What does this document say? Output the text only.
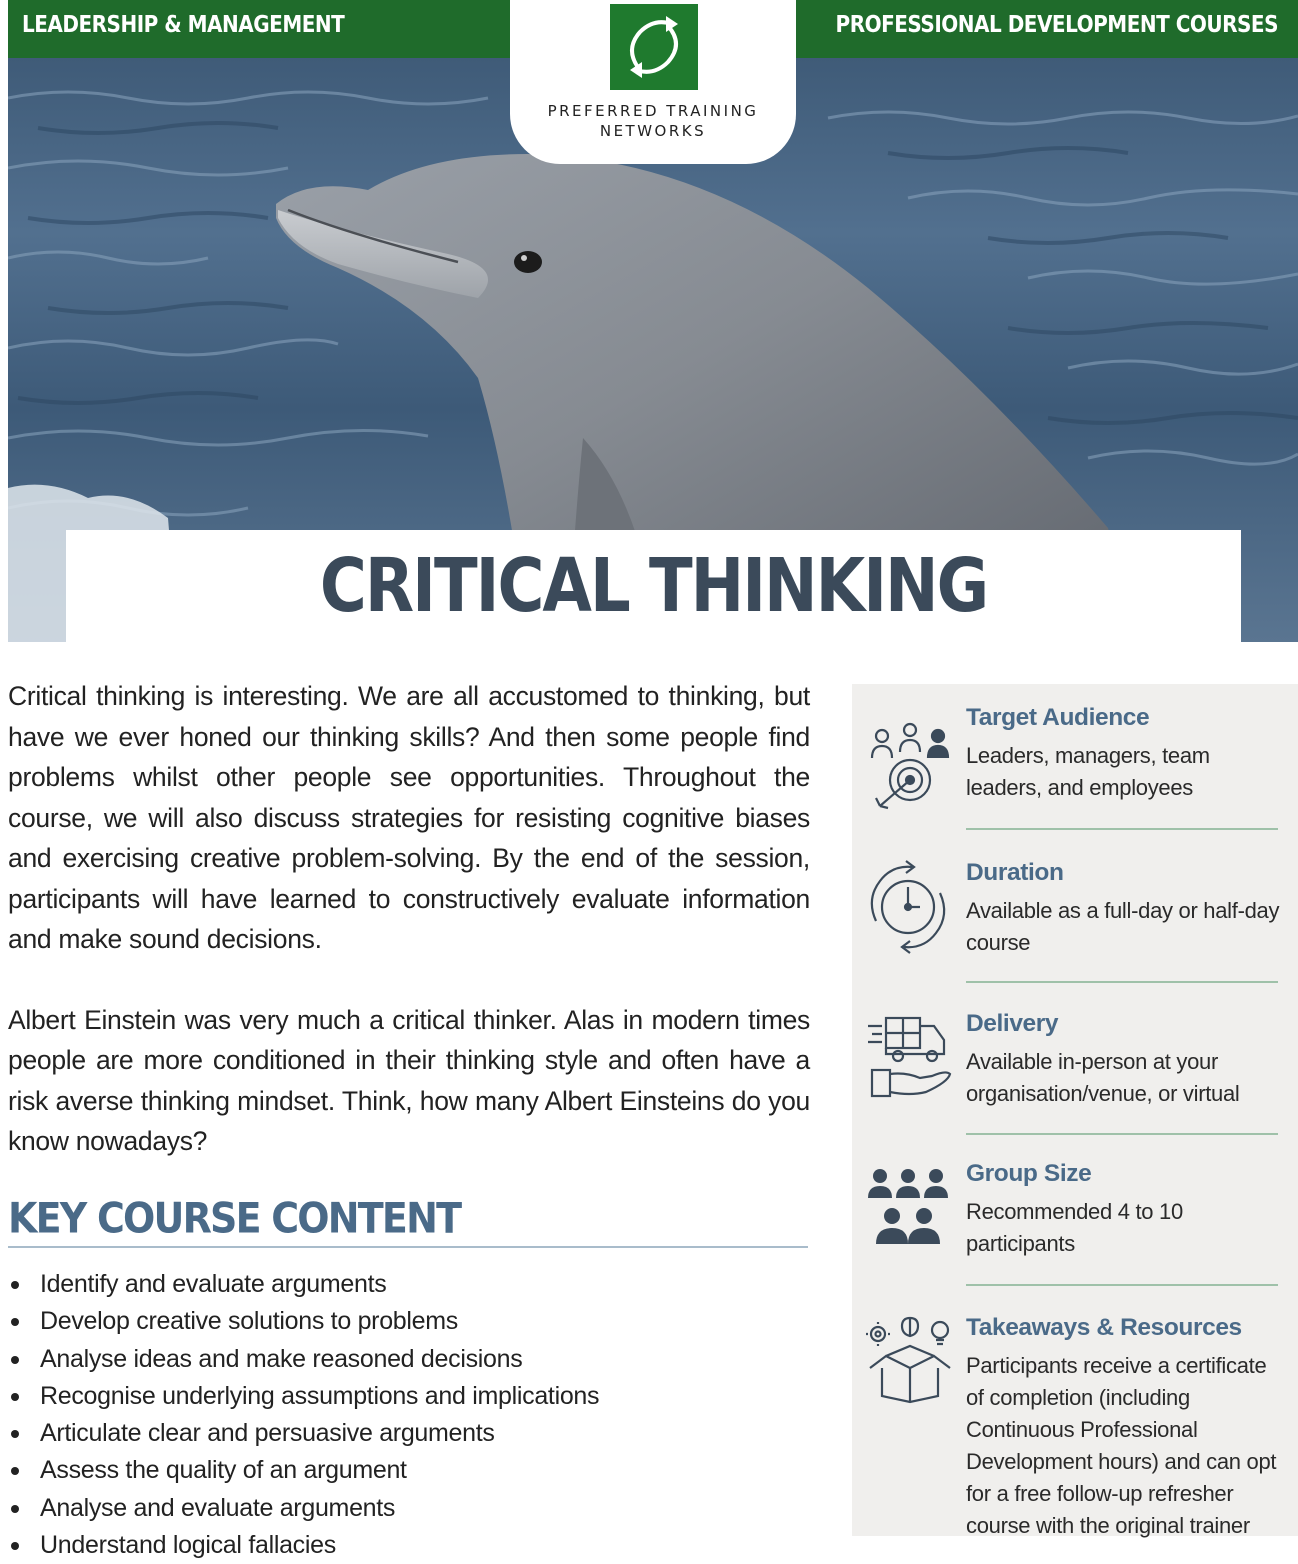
LEADERSHIP & MANAGEMENT	PROFESSIONAL DEVELOPMENT COURSES
PREFERRED TRAINING
NETWORKS
CRITICAL THINKING

Critical thinking is interesting. We are all accustomed to thinking, but have we ever honed our thinking skills? And then some people find problems whilst other people see opportunities. Throughout the course, we will also discuss strategies for resisting cognitive biases and exercising creative problem-solving. By the end of the session, participants will have learned to constructively evaluate information and make sound decisions.

Albert Einstein was very much a critical thinker. Alas in modern times people are more conditioned in their thinking style and often have a risk averse thinking mindset. Think, how many Albert Einsteins do you know nowadays?

KEY COURSE CONTENT
Identify and evaluate arguments
Develop creative solutions to problems
Analyse ideas and make reasoned decisions
Recognise underlying assumptions and implications
Articulate clear and persuasive arguments
Assess the quality of an argument
Analyse and evaluate arguments
Understand logical fallacies
Target Audience
Leaders, managers, team leaders, and employees
Duration
Available as a full-day or half-day course
Delivery
Available in-person at your organisation/venue, or virtual
Group Size
Recommended 4 to 10 participants
Takeaways & Resources
Participants receive a certificate of completion (including Continuous Professional Development hours) and can opt for a free follow-up refresher course with the original trainer
